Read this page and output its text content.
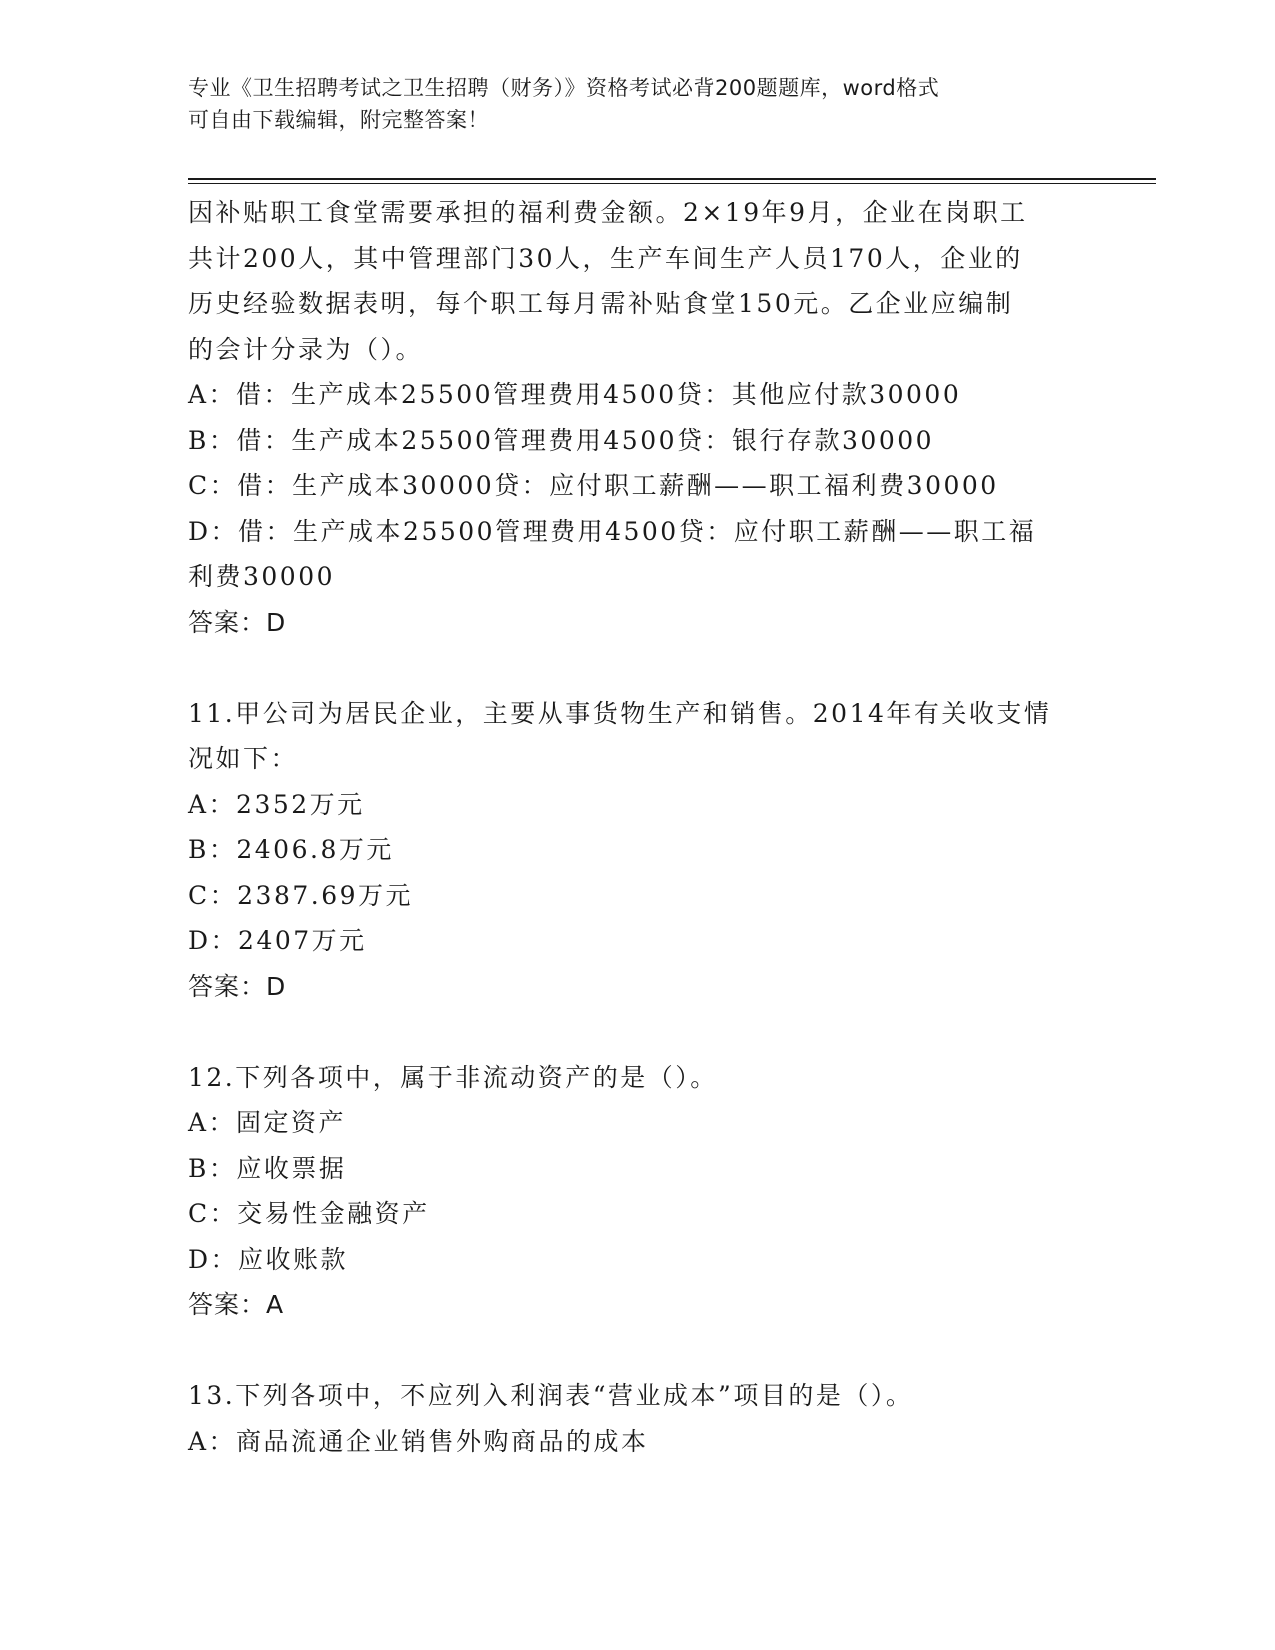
专业《卫生招聘考试之卫生招聘（财务）》资格考试必背200题题库，word格式
可自由下载编辑，附完整答案！
因补贴职工食堂需要承担的福利费金额。2×19年9月，企业在岗职工
共计200人，其中管理部门30人，生产车间生产人员170人，企业的
历史经验数据表明，每个职工每月需补贴食堂150元。乙企业应编制
的会计分录为（）。
A：借：生产成本25500管理费用4500贷：其他应付款30000
B：借：生产成本25500管理费用4500贷：银行存款30000
C：借：生产成本30000贷：应付职工薪酬——职工福利费30000
D：借：生产成本25500管理费用4500贷：应付职工薪酬——职工福
利费30000
答案：D
11.甲公司为居民企业，主要从事货物生产和销售。2014年有关收支情
况如下：
A：2352万元
B：2406.8万元
C：2387.69万元
D：2407万元
答案：D
12.下列各项中，属于非流动资产的是（）。
A：固定资产
B：应收票据
C：交易性金融资产
D：应收账款
答案：A
13.下列各项中，不应列入利润表“营业成本”项目的是（）。
A：商品流通企业销售外购商品的成本
